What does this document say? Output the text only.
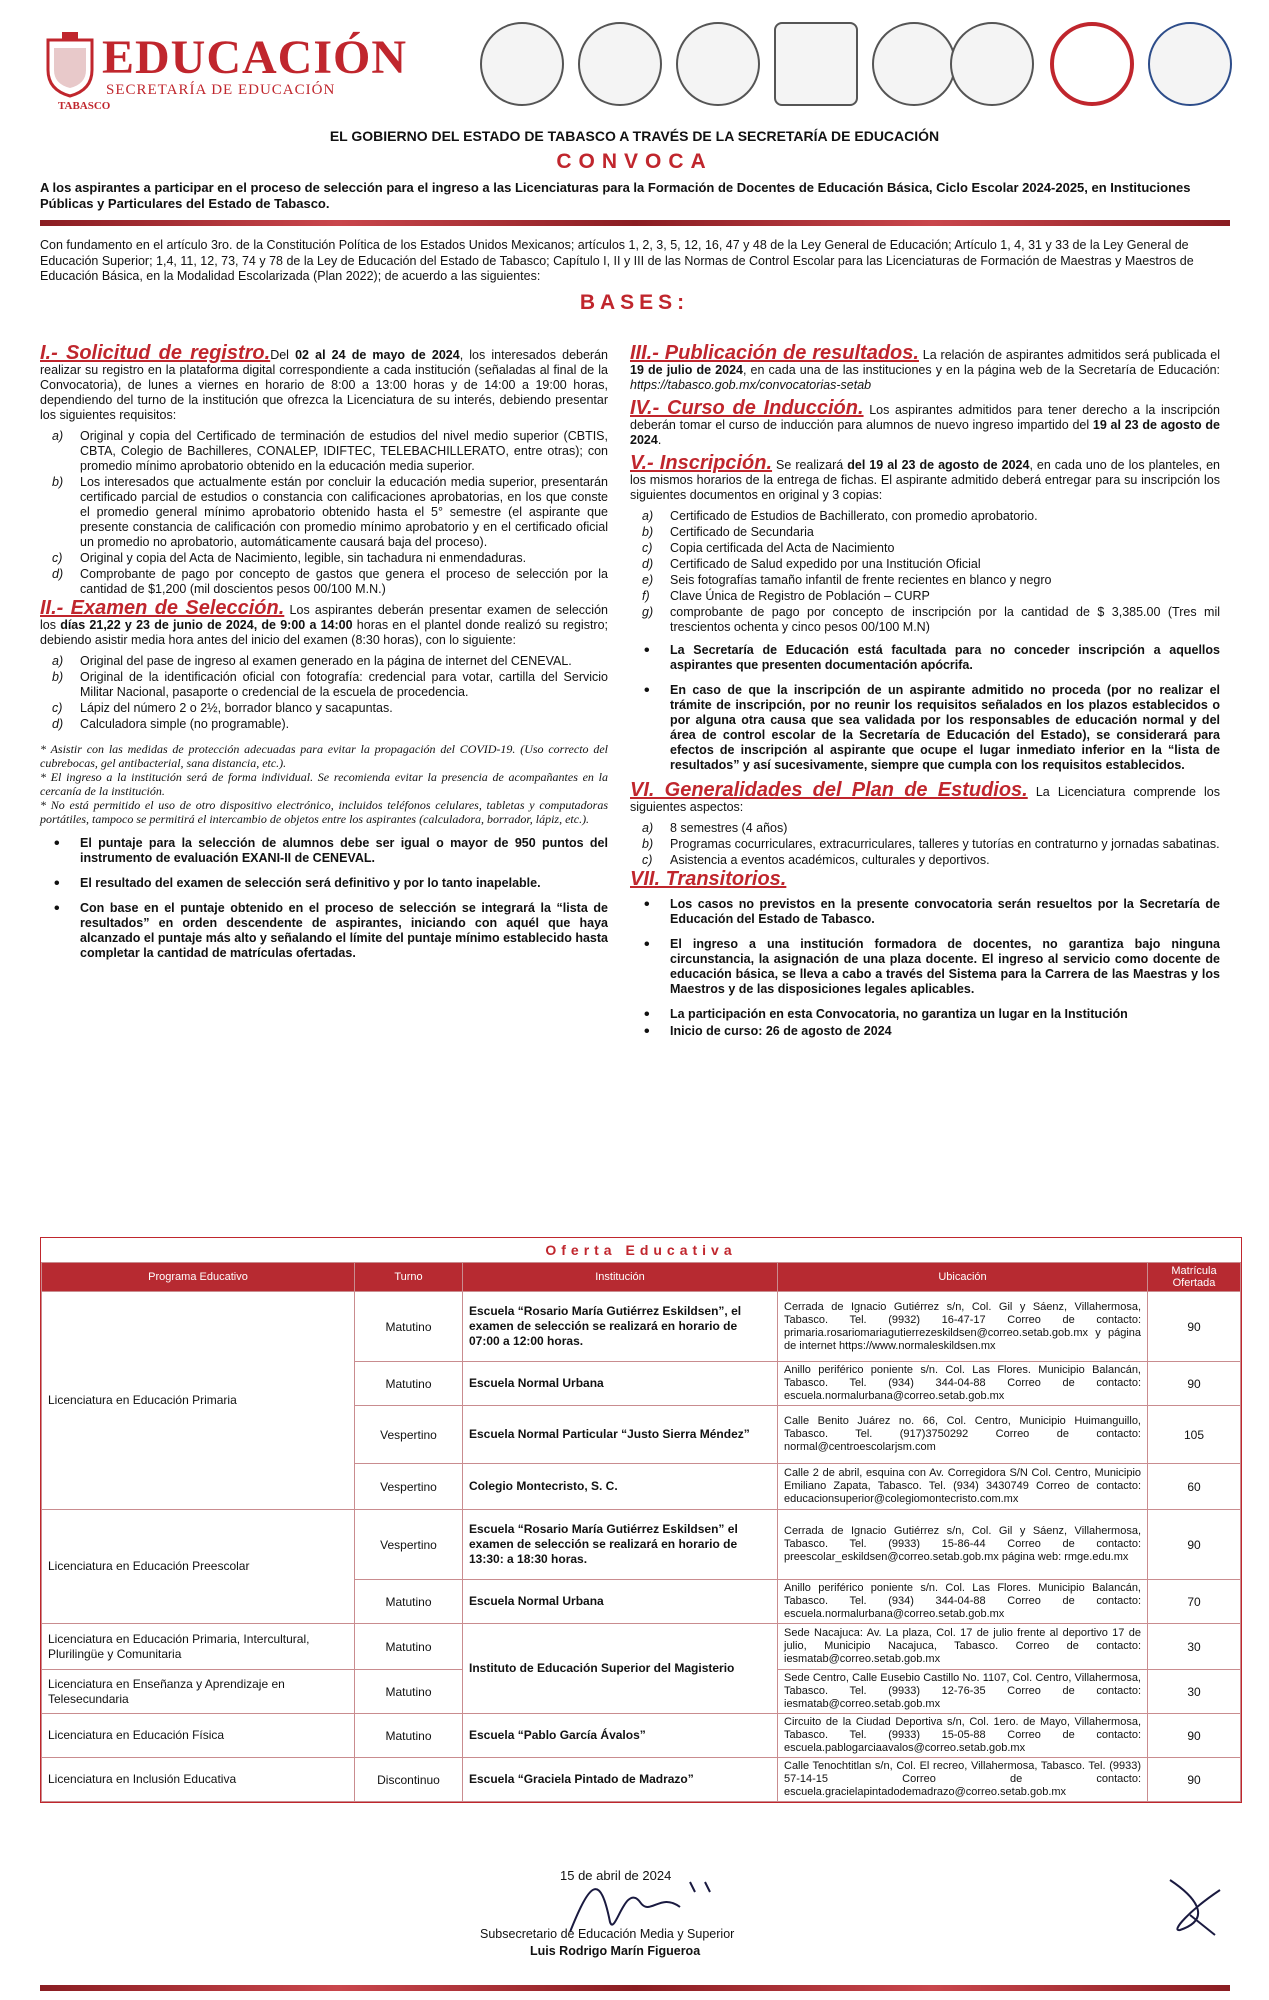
EDUCACIÓN
SECRETARÍA DE EDUCACIÓN
TABASCO
EL GOBIERNO DEL ESTADO DE TABASCO A TRAVÉS DE LA SECRETARÍA DE EDUCACIÓN
CONVOCA
A los aspirantes a participar en el proceso de selección para el ingreso a las Licenciaturas para la Formación de Docentes de Educación Básica, Ciclo Escolar 2024-2025, en Instituciones Públicas y Particulares del Estado de Tabasco.
Con fundamento en el artículo 3ro. de la Constitución Política de los Estados Unidos Mexicanos; artículos 1, 2, 3, 5, 12, 16, 47 y 48 de la Ley General de Educación; Artículo 1, 4, 31 y 33 de la Ley General de Educación Superior; 1,4, 11, 12, 73, 74 y 78 de la Ley de Educación del Estado de Tabasco; Capítulo I, II y III de las Normas de Control Escolar para las Licenciaturas de Formación de Maestras y Maestros de Educación Básica, en la Modalidad Escolarizada (Plan 2022); de acuerdo a las siguientes:
BASES:
I.- Solicitud de registro.Del 02 al 24 de mayo de 2024, los interesados deberán realizar su registro en la plataforma digital correspondiente a cada institución (señaladas al final de la Convocatoria), de lunes a viernes en horario de 8:00 a 13:00 horas y de 14:00 a 19:00 horas, dependiendo del turno de la institución que ofrezca la Licenciatura de su interés, debiendo presentar los siguientes requisitos:
a) Original y copia del Certificado de terminación de estudios del nivel medio superior (CBTIS, CBTA, Colegio de Bachilleres, CONALEP, IDIFTEC, TELEBACHILLERATO, entre otras); con promedio mínimo aprobatorio obtenido en la educación media superior.
b) Los interesados que actualmente están por concluir la educación media superior, presentarán certificado parcial de estudios o constancia con calificaciones aprobatorias, en los que conste el promedio general mínimo aprobatorio obtenido hasta el 5° semestre (el aspirante que presente constancia de calificación con promedio mínimo aprobatorio y en el certificado oficial un promedio no aprobatorio, automáticamente causará baja del proceso).
c) Original y copia del Acta de Nacimiento, legible, sin tachadura ni enmendaduras.
d) Comprobante de pago por concepto de gastos que genera el proceso de selección por la cantidad de $1,200 (mil doscientos pesos 00/100 M.N.)
II.- Examen de Selección. Los aspirantes deberán presentar examen de selección los días 21,22 y 23 de junio de 2024, de 9:00 a 14:00 horas en el plantel donde realizó su registro; debiendo asistir media hora antes del inicio del examen (8:30 horas), con lo siguiente:
a) Original del pase de ingreso al examen generado en la página de internet del CENEVAL.
b) Original de la identificación oficial con fotografía: credencial para votar, cartilla del Servicio Militar Nacional, pasaporte o credencial de la escuela de procedencia.
c) Lápiz del número 2 o 2½, borrador blanco y sacapuntas.
d) Calculadora simple (no programable).
* Asistir con las medidas de protección adecuadas para evitar la propagación del COVID-19. (Uso correcto del cubrebocas, gel antibacterial, sana distancia, etc.).
* El ingreso a la institución será de forma individual. Se recomienda evitar la presencia de acompañantes en la cercanía de la institución.
* No está permitido el uso de otro dispositivo electrónico, incluidos teléfonos celulares, tabletas y computadoras portátiles, tampoco se permitirá el intercambio de objetos entre los aspirantes (calculadora, borrador, lápiz, etc.).
• El puntaje para la selección de alumnos debe ser igual o mayor de 950 puntos del instrumento de evaluación EXANI-II de CENEVAL.
• El resultado del examen de selección será definitivo y por lo tanto inapelable.
• Con base en el puntaje obtenido en el proceso de selección se integrará la “lista de resultados” en orden descendente de aspirantes, iniciando con aquél que haya alcanzado el puntaje más alto y señalando el límite del puntaje mínimo establecido hasta completar la cantidad de matrículas ofertadas.
III.- Publicación de resultados. La relación de aspirantes admitidos será publicada el 19 de julio de 2024, en cada una de las instituciones y en la página web de la Secretaría de Educación: https://tabasco.gob.mx/convocatorias-setab
IV.- Curso de Inducción. Los aspirantes admitidos para tener derecho a la inscripción deberán tomar el curso de inducción para alumnos de nuevo ingreso impartido del 19 al 23 de agosto de 2024.
V.- Inscripción. Se realizará del 19 al 23 de agosto de 2024, en cada uno de los planteles, en los mismos horarios de la entrega de fichas. El aspirante admitido deberá entregar para su inscripción los siguientes documentos en original y 3 copias:
a) Certificado de Estudios de Bachillerato, con promedio aprobatorio.
b) Certificado de Secundaria
c) Copia certificada del Acta de Nacimiento
d) Certificado de Salud expedido por una Institución Oficial
e) Seis fotografías tamaño infantil de frente recientes en blanco y negro
f) Clave Única de Registro de Población – CURP
g) comprobante de pago por concepto de inscripción por la cantidad de $ 3,385.00 (Tres mil trescientos ochenta y cinco pesos 00/100 M.N)
• La Secretaría de Educación está facultada para no conceder inscripción a aquellos aspirantes que presenten documentación apócrifa.
• En caso de que la inscripción de un aspirante admitido no proceda (por no realizar el trámite de inscripción, por no reunir los requisitos señalados en los plazos establecidos o por alguna otra causa que sea validada por los responsables de educación normal y del área de control escolar de la Secretaría de Educación del Estado), se considerará para efectos de inscripción al aspirante que ocupe el lugar inmediato inferior en la “lista de resultados” y así sucesivamente, siempre que cumpla con los requisitos establecidos.
VI. Generalidades del Plan de Estudios. La Licenciatura comprende los siguientes aspectos:
a) 8 semestres (4 años)
b) Programas cocurriculares, extracurriculares, talleres y tutorías en contraturno y jornadas sabatinas.
c) Asistencia a eventos académicos, culturales y deportivos.
VII. Transitorios.
• Los casos no previstos en la presente convocatoria serán resueltos por la Secretaría de Educación del Estado de Tabasco.
• El ingreso a una institución formadora de docentes, no garantiza bajo ninguna circunstancia, la asignación de una plaza docente. El ingreso al servicio como docente de educación básica, se lleva a cabo a través del Sistema para la Carrera de las Maestras y los Maestros y de las disposiciones legales aplicables.
• La participación en esta Convocatoria, no garantiza un lugar en la Institución
• Inicio de curso: 26 de agosto de 2024
Oferta Educativa
Programa Educativo	Turno	Institución	Ubicación	Matrícula Ofertada
Licenciatura en Educación Primaria	Matutino	Escuela “Rosario María Gutiérrez Eskildsen”, el examen de selección se realizará en horario de 07:00 a 12:00 horas.	Cerrada de Ignacio Gutiérrez s/n, Col. Gil y Sáenz, Villahermosa, Tabasco. Tel. (9932) 16-47-17 Correo de contacto: primaria.rosariomariagutierrezeskildsen@correo.setab.gob.mx y página de internet https://www.normaleskildsen.mx	90
	Matutino	Escuela Normal Urbana	Anillo periférico poniente s/n. Col. Las Flores. Municipio Balancán, Tabasco. Tel. (934) 344-04-88 Correo de contacto: escuela.normalurbana@correo.setab.gob.mx	90
	Vespertino	Escuela Normal Particular “Justo Sierra Méndez”	Calle Benito Juárez no. 66, Col. Centro, Municipio Huimanguillo, Tabasco. Tel. (917)3750292 Correo de contacto: normal@centroescolarjsm.com	105
	Vespertino	Colegio Montecristo, S. C.	Calle 2 de abril, esquina con Av. Corregidora S/N Col. Centro, Municipio Emiliano Zapata, Tabasco. Tel. (934) 3430749 Correo de contacto: educacionsuperior@colegiomontecristo.com.mx	60
Licenciatura en Educación Preescolar	Vespertino	Escuela “Rosario María Gutiérrez Eskildsen” el examen de selección se realizará en horario de 13:30: a 18:30 horas.	Cerrada de Ignacio Gutiérrez s/n, Col. Gil y Sáenz, Villahermosa, Tabasco. Tel. (9933) 15-86-44 Correo de contacto: preescolar_eskildsen@correo.setab.gob.mx página web: rmge.edu.mx	90
	Matutino	Escuela Normal Urbana	Anillo periférico poniente s/n. Col. Las Flores. Municipio Balancán, Tabasco. Tel. (934) 344-04-88 Correo de contacto: escuela.normalurbana@correo.setab.gob.mx	70
Licenciatura en Educación Primaria, Intercultural, Plurilingüe y Comunitaria	Matutino	Instituto de Educación Superior del Magisterio	Sede Nacajuca: Av. La plaza, Col. 17 de julio frente al deportivo 17 de julio, Municipio Nacajuca, Tabasco. Correo de contacto: iesmatab@correo.setab.gob.mx	30
Licenciatura en Enseñanza y Aprendizaje en Telesecundaria	Matutino		Sede Centro, Calle Eusebio Castillo No. 1107, Col. Centro, Villahermosa, Tabasco. Tel. (9933) 12-76-35 Correo de contacto: iesmatab@correo.setab.gob.mx	30
Licenciatura en Educación Física	Matutino	Escuela “Pablo García Ávalos”	Circuito de la Ciudad Deportiva s/n, Col. 1ero. de Mayo, Villahermosa, Tabasco. Tel. (9933) 15-05-88 Correo de contacto: escuela.pablogarciaavalos@correo.setab.gob.mx	90
Licenciatura en Inclusión Educativa	Discontinuo	Escuela “Graciela Pintado de Madrazo”	Calle Tenochtitlan s/n, Col. El recreo, Villahermosa, Tabasco. Tel. (9933) 57-14-15 Correo de contacto: escuela.gracielapintadodemadrazo@correo.setab.gob.mx	90
15 de abril de 2024
Subsecretario de Educación Media y Superior
Luis Rodrigo Marín Figueroa
